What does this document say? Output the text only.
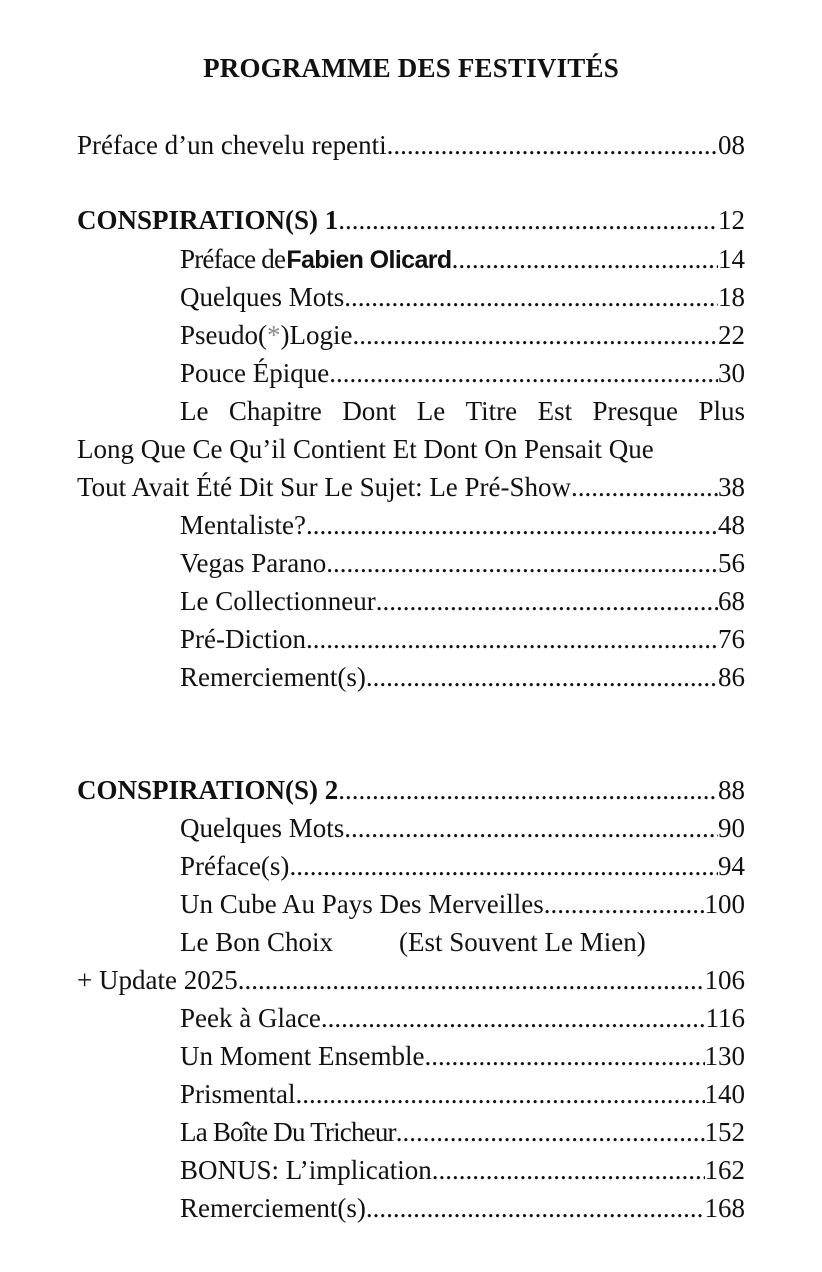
PROGRAMME DES FESTIVITÉS
Préface d’un chevelu repenti .....	08
CONSPIRATION(S) 1 .....	12
Préface de Fabien Olicard .....	14
Quelques Mots .....	18
Pseudo( * )Logie .....	22
Pouce Épique .....	30
Le Chapitre Dont Le Titre Est Presque Plus
Long Que Ce Qu’il Contient Et Dont On Pensait Que
Tout Avait Été Dit Sur Le Sujet: Le Pré-Show .....	38
Mentaliste? .....	48
Vegas Parano .....	56
Le Collectionneur .....	68
Pré-Diction .....	76
Remerciement(s) .....	86
CONSPIRATION(S) 2 .....	88
Quelques Mots .....	90
Préface(s) .....	94
Un Cube Au Pays Des Merveilles .....	100
Le Bon Choix (Est Souvent Le Mien)
+ Update 2025 .....	106
Peek à Glace .....	116
Un Moment Ensemble .....	130
Prismental .....	140
La Boîte Du Tricheur .....	152
BONUS: L’implication .....	162
Remerciement(s) .....	168
